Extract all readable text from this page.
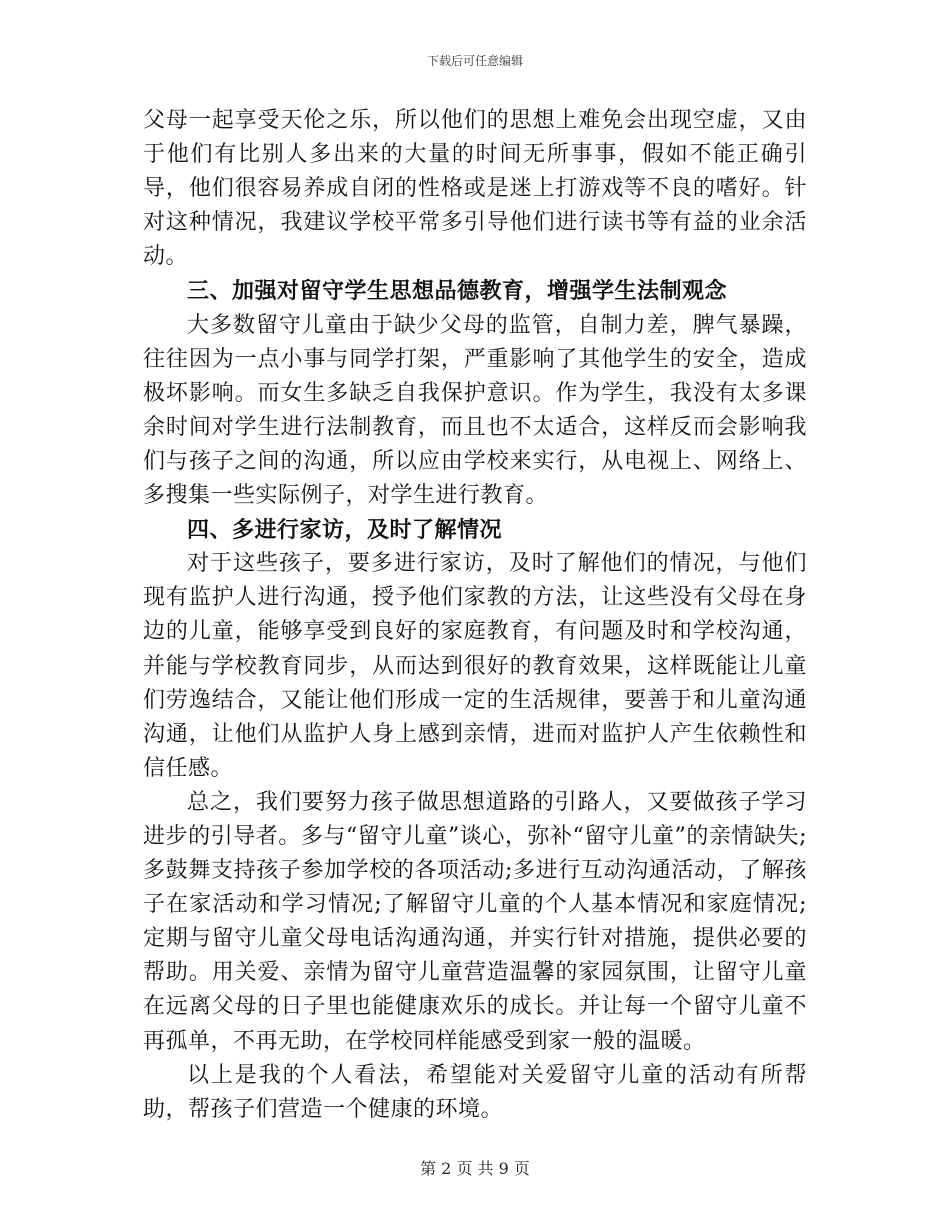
下载后可任意编辑

父母一起享受天伦之乐，所以他们的思想上难免会出现空虚，又由于他们有比别人多出来的大量的时间无所事事，假如不能正确引导，他们很容易养成自闭的性格或是迷上打游戏等不良的嗜好。针对这种情况，我建议学校平常多引导他们进行读书等有益的业余活动。

三、加强对留守学生思想品德教育，增强学生法制观念

大多数留守儿童由于缺少父母的监管，自制力差，脾气暴躁，往往因为一点小事与同学打架，严重影响了其他学生的安全，造成极坏影响。而女生多缺乏自我保护意识。作为学生，我没有太多课余时间对学生进行法制教育，而且也不太适合，这样反而会影响我们与孩子之间的沟通，所以应由学校来实行，从电视上、网络上、多搜集一些实际例子，对学生进行教育。

四、多进行家访，及时了解情况

对于这些孩子，要多进行家访，及时了解他们的情况，与他们现有监护人进行沟通，授予他们家教的方法，让这些没有父母在身边的儿童，能够享受到良好的家庭教育，有问题及时和学校沟通，并能与学校教育同步，从而达到很好的教育效果，这样既能让儿童们劳逸结合，又能让他们形成一定的生活规律，要善于和儿童沟通沟通，让他们从监护人身上感到亲情，进而对监护人产生依赖性和信任感。

总之，我们要努力孩子做思想道路的引路人，又要做孩子学习进步的引导者。多与“留守儿童”谈心，弥补“留守儿童”的亲情缺失;多鼓舞支持孩子参加学校的各项活动;多进行互动沟通活动，了解孩子在家活动和学习情况;了解留守儿童的个人基本情况和家庭情况;定期与留守儿童父母电话沟通沟通，并实行针对措施，提供必要的帮助。用关爱、亲情为留守儿童营造温馨的家园氛围，让留守儿童在远离父母的日子里也能健康欢乐的成长。并让每一个留守儿童不再孤单，不再无助，在学校同样能感受到家一般的温暖。

以上是我的个人看法，希望能对关爱留守儿童的活动有所帮助，帮孩子们营造一个健康的环境。

第 2 页 共 9 页
